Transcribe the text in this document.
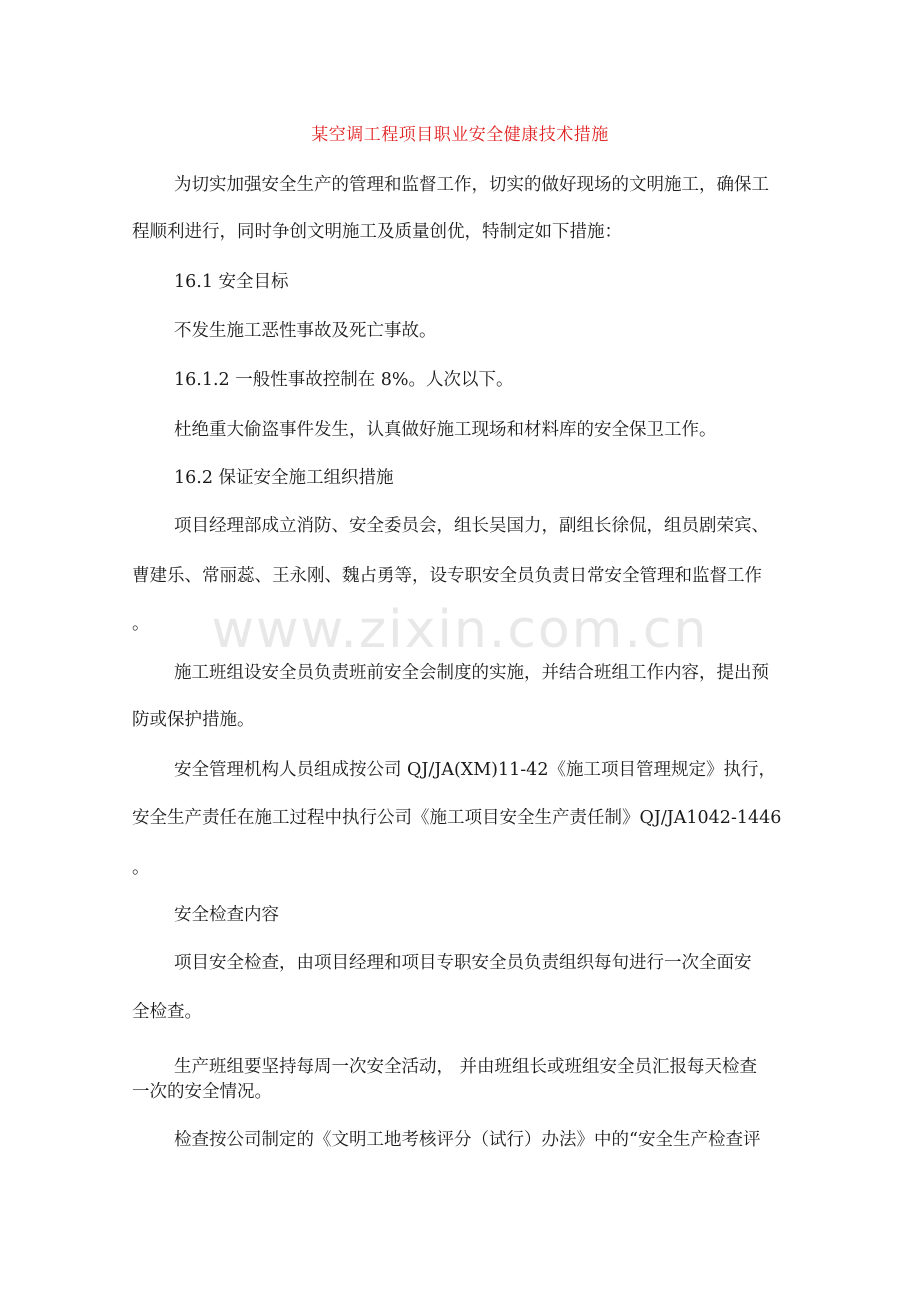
www.zixin.com.cn
某空调工程项目职业安全健康技术措施

为切实加强安全生产的管理和监督工作，切实的做好现场的文明施工，确保工

程顺利进行，同时争创文明施工及质量创优，特制定如下措施：

16.1 安全目标

不发生施工恶性事故及死亡事故。

16.1.2 一般性事故控制在 8%。人次以下。

杜绝重大偷盗事件发生，认真做好施工现场和材料库的安全保卫工作。

16.2 保证安全施工组织措施

项目经理部成立消防、安全委员会，组长吴国力，副组长徐侃，组员剧荣宾、

曹建乐、常丽蕊、王永刚、魏占勇等，设专职安全员负责日常安全管理和监督工作

。

施工班组设安全员负责班前安全会制度的实施，并结合班组工作内容，提出预

防或保护措施。

安全管理机构人员组成按公司 QJ/JA(XM)11-42《施工项目管理规定》执行，

安全生产责任在施工过程中执行公司《施工项目安全生产责任制》QJ/JA1042-1446

。

安全检查内容

项目安全检查，由项目经理和项目专职安全员负责组织每旬进行一次全面安

全检查。

生产班组要坚持每周一次安全活动， 并由班组长或班组安全员汇报每天检查

一次的安全情况。

检查按公司制定的《文明工地考核评分（试行）办法》中的“安全生产检查评
